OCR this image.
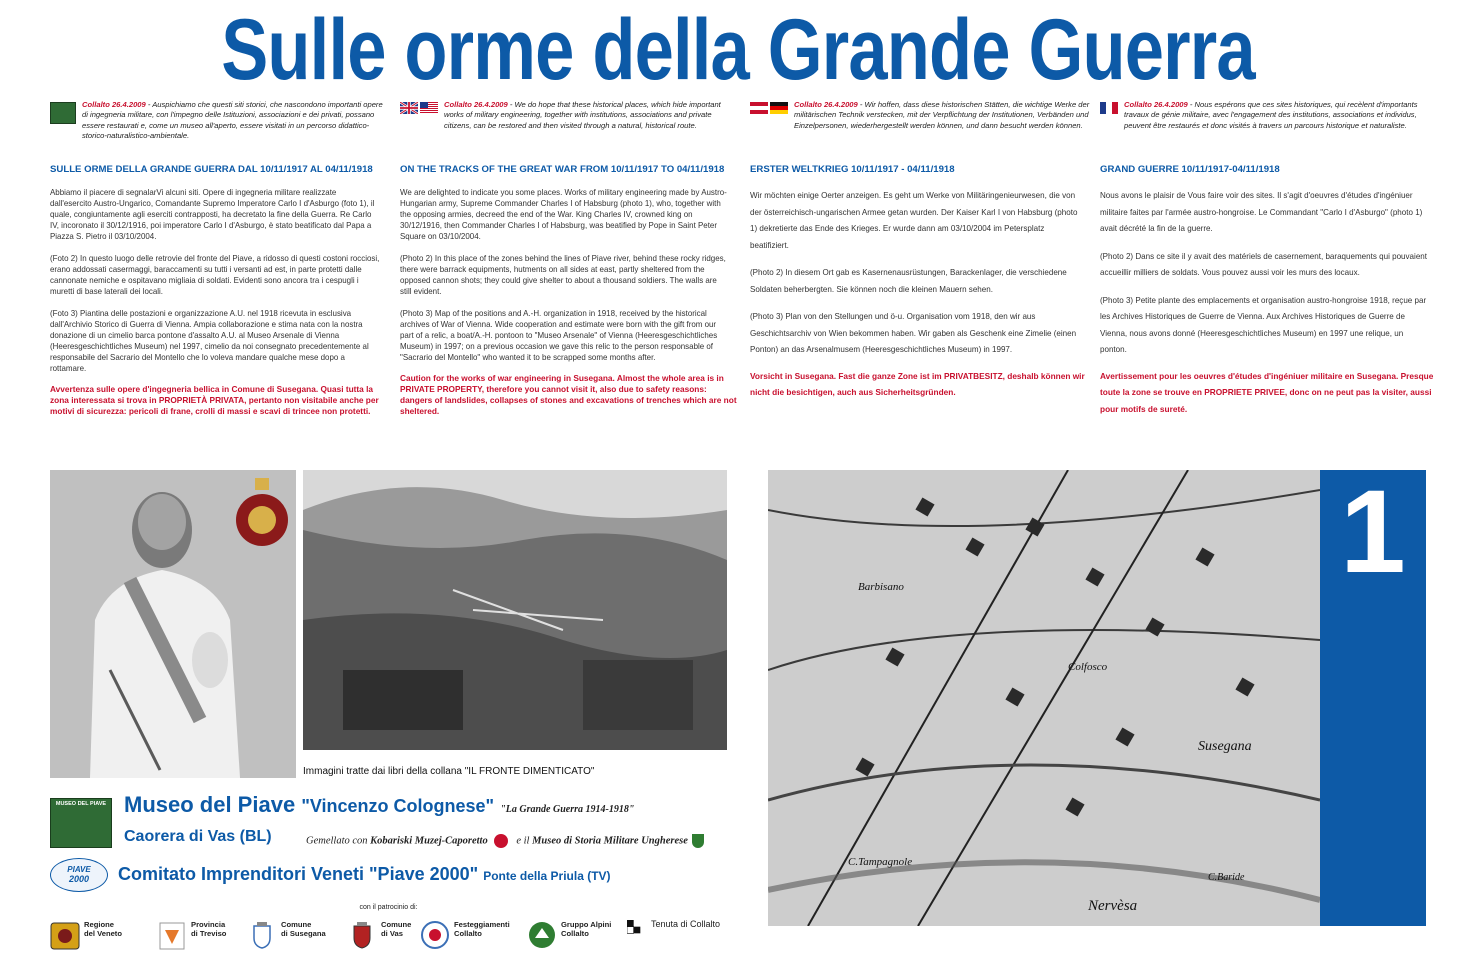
Sulle orme della Grande Guerra
Collalto 26.4.2009 - Auspichiamo che questi siti storici, che nascondono importanti opere di ingegneria militare, con l'impegno delle Istituzioni, associazioni e dei privati, possano essere restaurati e, come un museo all'aperto, essere visitati in un percorso didattico-storico-naturalistico-ambientale.
SULLE ORME DELLA GRANDE GUERRA DAL 10/11/1917 AL 04/11/1918
Abbiamo il piacere di segnalarVi alcuni siti. Opere di ingegneria militare realizzate dall'esercito Austro-Ungarico, Comandante Supremo Imperatore Carlo I d'Asburgo (foto 1), il quale, congiuntamente agli eserciti contrapposti, ha decretato la fine della Guerra. Re Carlo IV, incoronato il 30/12/1916, poi imperatore Carlo I d'Asburgo, è stato beatificato dal Papa a Piazza S. Pietro il 03/10/2004.
(Foto 2) In questo luogo delle retrovie del fronte del Piave, a ridosso di questi costoni rocciosi, erano addossati casermaggi, baraccamenti su tutti i versanti ad est, in parte protetti dalle cannonate nemiche e ospitavano migliaia di soldati. Evidenti sono ancora tra i cespugli i muretti di base laterali dei locali.
(Foto 3) Piantina delle postazioni e organizzazione A.U. nel 1918 ricevuta in esclusiva dall'Archivio Storico di Guerra di Vienna. Ampia collaborazione e stima nata con la nostra donazione di un cimelio barca pontone d'assalto A.U. al Museo Arsenale di Vienna (Heeresgeschichtliches Museum) nel 1997, cimelio da noi consegnato precedentemente al responsabile del Sacrario del Montello che lo voleva mandare qualche mese dopo a rottamare.
Avvertenza sulle opere d'ingegneria bellica in Comune di Susegana. Quasi tutta la zona interessata si trova in PROPRIETÀ PRIVATA, pertanto non visitabile anche per motivi di sicurezza: pericoli di frane, crolli di massi e scavi di trincee non protetti.
Collalto 26.4.2009 - We do hope that these historical places, which hide important works of military engineering, together with institutions, associations and private citizens, can be restored and then visited through a natural, historical route.
ON THE TRACKS OF THE GREAT WAR FROM 10/11/1917 TO 04/11/1918
We are delighted to indicate you some places. Works of military engineering made by Austro-Hungarian army, Supreme Commander Charles I of Habsburg (photo 1), who, together with the opposing armies, decreed the end of the War. King Charles IV, crowned king on 30/12/1916, then Commander Charles I of Habsburg, was beatified by Pope in Saint Peter Square on 03/10/2004.
(Photo 2) In this place of the zones behind the lines of Piave river, behind these rocky ridges, there were barrack equipments, hutments on all sides at east, partly sheltered from the opposed cannon shots; they could give shelter to about a thousand soldiers. The walls are still evident.
(Photo 3) Map of the positions and A.-H. organization in 1918, received by the historical archives of War of Vienna. Wide cooperation and estimate were born with the gift from our part of a relic, a boat/A.-H. pontoon to "Museo Arsenale" of Vienna (Heeresgeschichtliches Museum) in 1997; on a previous occasion we gave this relic to the person responsable of "Sacrario del Montello" who wanted it to be scrapped some months after.
Caution for the works of war engineering in Susegana. Almost the whole area is in PRIVATE PROPERTY, therefore you cannot visit it, also due to safety reasons: dangers of landslides, collapses of stones and excavations of trenches which are not sheltered.
Collalto 26.4.2009 - Wir hoffen, dass diese historischen Stätten, die wichtige Werke der militärischen Technik verstecken, mit der Verpflichtung der Institutionen, Verbänden und Einzelpersonen, wiederhergestellt werden können, und dann besucht werden können.
ERSTER WELTKRIEG 10/11/1917 - 04/11/1918
Wir möchten einige Oerter anzeigen. Es geht um Werke von Militäringenieurwesen, die von der österreichisch-ungarischen Armee getan wurden. Der Kaiser Karl I von Habsburg (photo 1) dekretierte das Ende des Krieges. Er wurde dann am 03/10/2004 im Petersplatz beatifiziert.
(Photo 2) In diesem Ort gab es Kasernenausrüstungen, Barackenlager, die verschiedene Soldaten beherbergten. Sie können noch die kleinen Mauern sehen.
(Photo 3) Plan von den Stellungen und ö-u. Organisation vom 1918, den wir aus Geschichtsarchiv von Wien bekommen haben. Wir gaben als Geschenk eine Zimelie (einen Ponton) an das Arsenalmusem (Heeresgeschichtliches Museum) in 1997.
Vorsicht in Susegana. Fast die ganze Zone ist im PRIVATBESITZ, deshalb können wir nicht die besichtigen, auch aus Sicherheitsgründen.
Collalto 26.4.2009 - Nous espérons que ces sites historiques, qui recèlent d'importants travaux de génie militaire, avec l'engagement des institutions, associations et individus, peuvent être restaurés et donc visités à travers un parcours historique et naturaliste.
GRAND GUERRE 10/11/1917-04/11/1918
Nous avons le plaisir de Vous faire voir des sites. Il s'agit d'oeuvres d'études d'ingéniuer militaire faites par l'armée austro-hongroise. Le Commandant "Carlo I d'Asburgo" (photo 1) avait décrété la fin de la guerre.
(Photo 2) Dans ce site il y avait des matériels de casernement, baraquements qui pouvaient accueillir milliers de soldats. Vous pouvez aussi voir les murs des locaux.
(Photo 3) Petite plante des emplacements et organisation austro-hongroise 1918, reçue par les Archives Historiques de Guerre de Vienna. Aux Archives Historiques de Guerre de Vienna, nous avons donné (Heeresgeschichtliches Museum) en 1997 une relique, un ponton.
Avertissement pour les oeuvres d'études d'ingéniuer militaire en Susegana. Presque toute la zone se trouve en PROPRIETE PRIVEE, donc on ne peut pas la visiter, aussi pour motifs de sureté.
Immagini tratte dai libri della collana "IL FRONTE DIMENTICATO"
Susegana
Nervèsa
C.Tampagnole
Barbisano
C.Baride
Colfosco
1
MUSEO DEL PIAVE Museo del Piave "Vincenzo Colognese" "La Grande Guerra 1914-1918"
Caorera di Vas (BL)	Gemellato con Kobariski Muzej-Caporetto e il Museo di Storia Militare Ungherese
PIAVE
2000	Comitato Imprenditori Veneti "Piave 2000" Ponte della Priula (TV)
con il patrocinio di:
Regione
del Veneto
Provincia
di Treviso
Comune
di Susegana
Comune
di Vas
Festeggiamenti
Collalto
Gruppo Alpini
Collalto
Tenuta di Collalto
